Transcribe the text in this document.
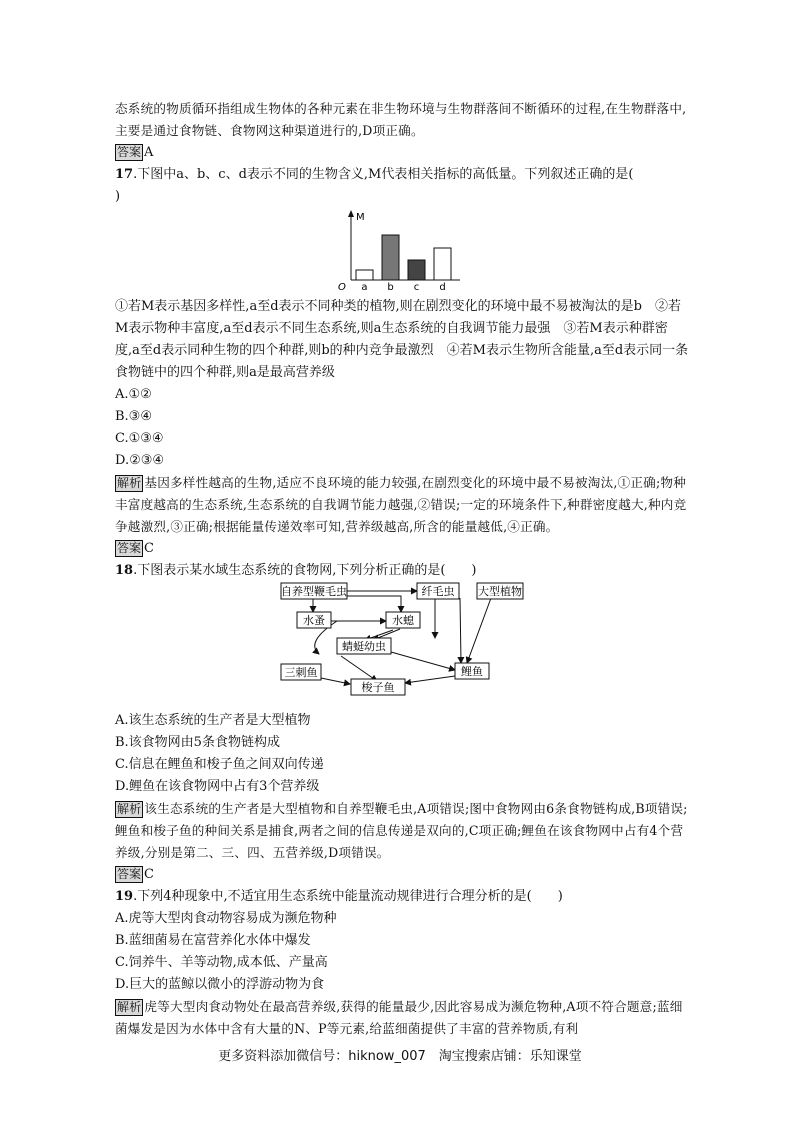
态系统的物质循环指组成生物体的各种元素在非生物环境与生物群落间不断循环的过程,在生物群落中,主要是通过食物链、食物网这种渠道进行的,D项正确。

答案 A

17.下图中a、b、c、d表示不同的生物含义,M代表相关指标的高低量。下列叙述正确的是(

)

M
O a b c d

①若M表示基因多样性,a至d表示不同种类的植物,则在剧烈变化的环境中最不易被淘汰的是b　②若M表示物种丰富度,a至d表示不同生态系统,则a生态系统的自我调节能力最强　③若M表示种群密度,a至d表示同种生物的四个种群,则b的种内竞争最激烈　④若M表示生物所含能量,a至d表示同一条食物链中的四个种群,则a是最高营养级

A.①②

B.③④

C.①③④

D.②③④

解析 基因多样性越高的生物,适应不良环境的能力较强,在剧烈变化的环境中最不易被淘汰,①正确;物种丰富度越高的生态系统,生态系统的自我调节能力越强,②错误;一定的环境条件下,种群密度越大,种内竞争越激烈,③正确;根据能量传递效率可知,营养级越高,所含的能量越低,④正确。

答案 C

18.下图表示某水域生态系统的食物网,下列分析正确的是(　　)

自养型鞭毛虫	纤毛虫 大型植物
水蚤	水螅
蜻蜓幼虫
三刺鱼	鲤鱼
梭子鱼

A.该生态系统的生产者是大型植物

B.该食物网由5条食物链构成

C.信息在鲤鱼和梭子鱼之间双向传递

D.鲤鱼在该食物网中占有3个营养级

解析 该生态系统的生产者是大型植物和自养型鞭毛虫,A项错误;图中食物网由6条食物链构成,B项错误;鲤鱼和梭子鱼的种间关系是捕食,两者之间的信息传递是双向的,C项正确;鲤鱼在该食物网中占有4个营养级,分别是第二、三、四、五营养级,D项错误。

答案 C

19.下列4种现象中,不适宜用生态系统中能量流动规律进行合理分析的是(　　)

A.虎等大型肉食动物容易成为濒危物种

B.蓝细菌易在富营养化水体中爆发

C.饲养牛、羊等动物,成本低、产量高

D.巨大的蓝鲸以微小的浮游动物为食

解析 虎等大型肉食动物处在最高营养级,获得的能量最少,因此容易成为濒危物种,A项不符合题意;蓝细菌爆发是因为水体中含有大量的N、P等元素,给蓝细菌提供了丰富的营养物质,有利

更多资料添加微信号：hiknow_007　淘宝搜索店铺：乐知课堂
